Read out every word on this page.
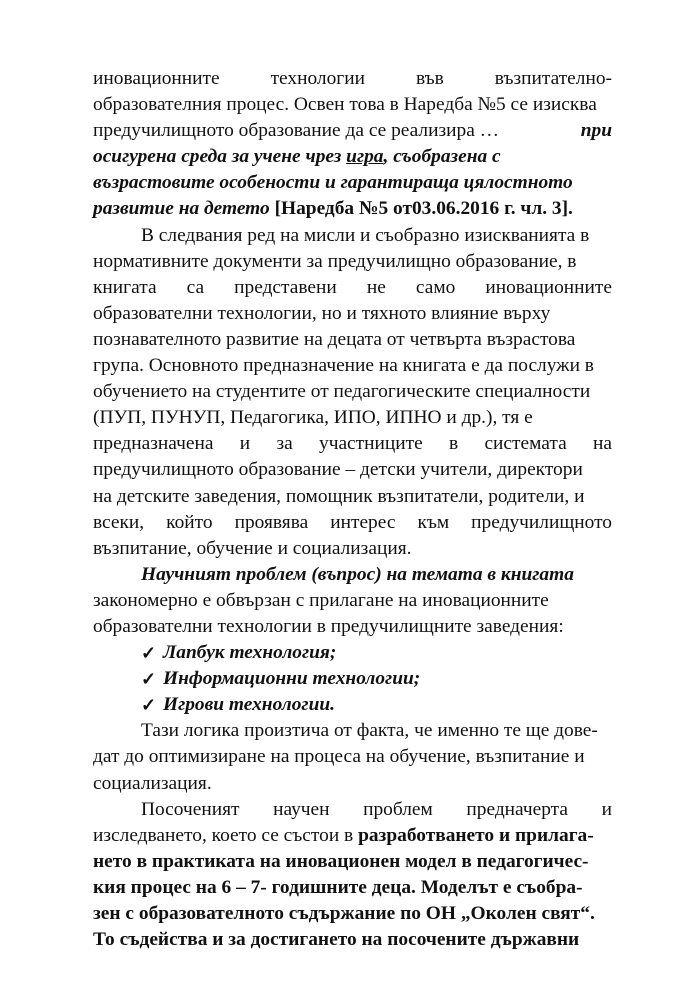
иновационните	технологии	във	възпитателно-
образователния процес. Освен това в Наредба №5 се изисква
предучилищното образование да се реализира …	при
осигурена среда за учене чрез
игра , съобразена с
възрастовите особености и гарантираща цялостното
развитие на детето [Наредба №5 от03.06.2016 г. чл. 3].
В следвания ред на мисли и съобразно изискванията в
нормативните документи за предучилищно образование, в
книгата са представени не само иновационните
образователни технологии, но и тяхното влияние върху
познавателното развитие на децата от четвърта възрастова
група. Основното предназначение на книгата е да послужи в
обучението на студентите от педагогическите специалности
(ПУП, ПУНУП, Педагогика, ИПО, ИПНО и др.), тя е
предназначена и за участниците в системата на
предучилищното образование – детски учители, директори
на детските заведения, помощник възпитатели, родители, и
всеки, който проявява интерес към предучилищното
възпитание, обучение и социализация.
Научният проблем (въпрос) на темата в книгата
закономерно е обвързан с прилагане на иновационните
образователни технологии в предучилищните заведения:
✓ Лапбук технология;
✓ Информационни технологии;
✓ Игрови технологии.
Тази логика произтича от факта, че именно те ще дове-
дат до оптимизиране на процеса на обучение, възпитание и
социализация.
Посоченият научен проблем предначерта и
изследването, което се състои в разработването и прилага-
нето в практиката на иновационен модел в педагогичес-
кия процес на 6 – 7- годишните деца. Моделът е съобра-
зен с образователното съдържание по ОН „Околен свят“.
То съдейства и за достигането на посочените държавни
